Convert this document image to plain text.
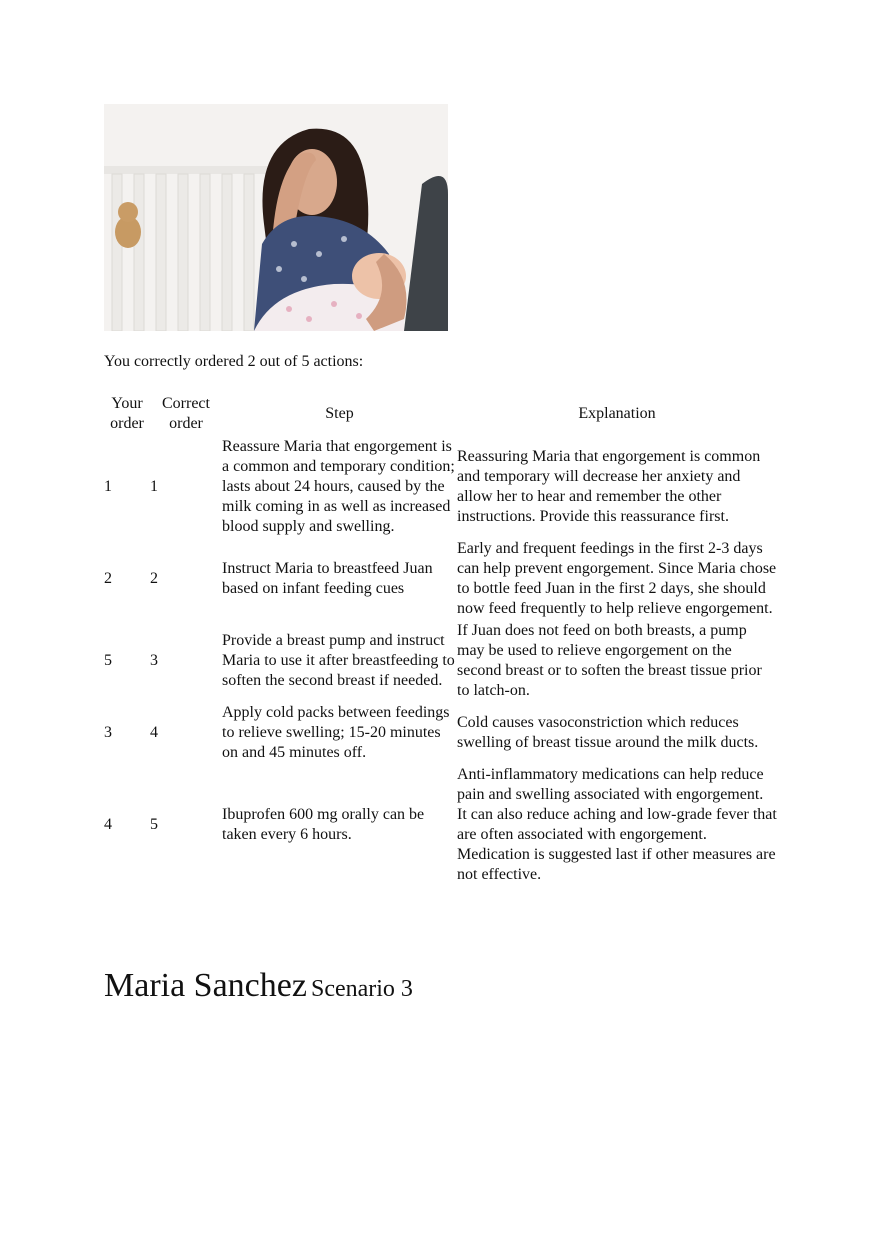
You correctly ordered 2 out of 5 actions:
Your order	Correct order	Step	Explanation
1	1	Reassure Maria that engorgement is a common and temporary condition; lasts about 24 hours, caused by the milk coming in as well as increased blood supply and swelling.	Reassuring Maria that engorgement is common and temporary will decrease her anxiety and allow her to hear and remember the other instructions. Provide this reassurance first.
2	2	Instruct Maria to breastfeed Juan based on infant feeding cues	Early and frequent feedings in the first 2-3 days can help prevent engorgement. Since Maria chose to bottle feed Juan in the first 2 days, she should now feed frequently to help relieve engorgement.
5	3	Provide a breast pump and instruct Maria to use it after breastfeeding to soften the second breast if needed.	If Juan does not feed on both breasts, a pump may be used to relieve engorgement on the second breast or to soften the breast tissue prior to latch-on.
3	4	Apply cold packs between feedings to relieve swelling; 15-20 minutes on and 45 minutes off.	Cold causes vasoconstriction which reduces swelling of breast tissue around the milk ducts.
4	5	Ibuprofen 600 mg orally can be taken every 6 hours.	Anti-inflammatory medications can help reduce pain and swelling associated with engorgement. It can also reduce aching and low-grade fever that are often associated with engorgement. Medication is suggested last if other measures are not effective.
Maria Sanchez Scenario 3
